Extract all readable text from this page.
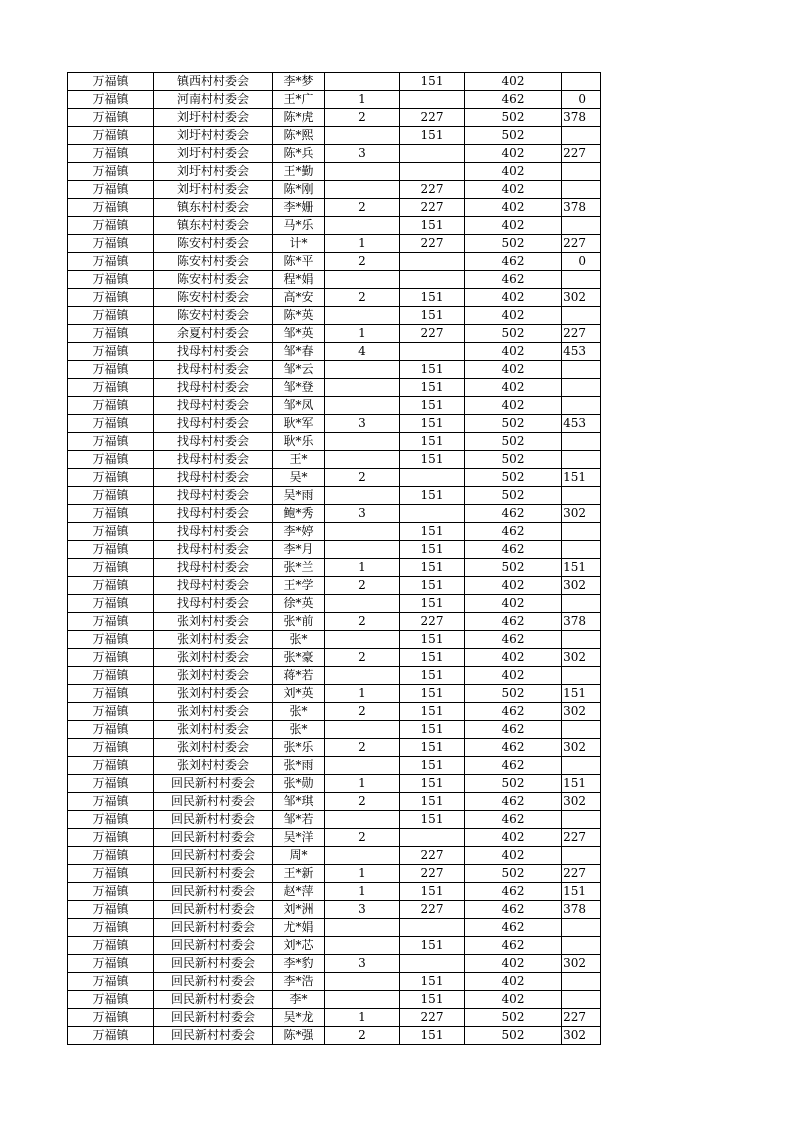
万福镇	镇西村村委会	李*梦		151	402	
万福镇	河南村村委会	王*广	1		462	0
万福镇	刘圩村村委会	陈*虎	2	227	502	378
万福镇	刘圩村村委会	陈*熙		151	502	
万福镇	刘圩村村委会	陈*兵	3		402	227
万福镇	刘圩村村委会	王*勤			402	
万福镇	刘圩村村委会	陈*刚		227	402	
万福镇	镇东村村委会	李*姗	2	227	402	378
万福镇	镇东村村委会	马*乐		151	402	
万福镇	陈安村村委会	计*	1	227	502	227
万福镇	陈安村村委会	陈*平	2		462	0
万福镇	陈安村村委会	程*娟			462	
万福镇	陈安村村委会	高*安	2	151	402	302
万福镇	陈安村村委会	陈*英		151	402	
万福镇	余夏村村委会	邹*英	1	227	502	227
万福镇	找母村村委会	邹*春	4		402	453
万福镇	找母村村委会	邹*云		151	402	
万福镇	找母村村委会	邹*登		151	402	
万福镇	找母村村委会	邹*凤		151	402	
万福镇	找母村村委会	耿*军	3	151	502	453
万福镇	找母村村委会	耿*乐		151	502	
万福镇	找母村村委会	王*		151	502	
万福镇	找母村村委会	吴*	2		502	151
万福镇	找母村村委会	吴*雨		151	502	
万福镇	找母村村委会	鲍*秀	3		462	302
万福镇	找母村村委会	李*婷		151	462	
万福镇	找母村村委会	李*月		151	462	
万福镇	找母村村委会	张*兰	1	151	502	151
万福镇	找母村村委会	王*学	2	151	402	302
万福镇	找母村村委会	徐*英		151	402	
万福镇	张刘村村委会	张*前	2	227	462	378
万福镇	张刘村村委会	张*		151	462	
万福镇	张刘村村委会	张*豪	2	151	402	302
万福镇	张刘村村委会	蒋*若		151	402	
万福镇	张刘村村委会	刘*英	1	151	502	151
万福镇	张刘村村委会	张*	2	151	462	302
万福镇	张刘村村委会	张*		151	462	
万福镇	张刘村村委会	张*乐	2	151	462	302
万福镇	张刘村村委会	张*雨		151	462	
万福镇	回民新村村委会	张*勋	1	151	502	151
万福镇	回民新村村委会	邹*琪	2	151	462	302
万福镇	回民新村村委会	邹*若		151	462	
万福镇	回民新村村委会	吴*洋	2		402	227
万福镇	回民新村村委会	周*		227	402	
万福镇	回民新村村委会	王*新	1	227	502	227
万福镇	回民新村村委会	赵*萍	1	151	462	151
万福镇	回民新村村委会	刘*洲	3	227	462	378
万福镇	回民新村村委会	尤*娟			462	
万福镇	回民新村村委会	刘*芯		151	462	
万福镇	回民新村村委会	李*豹	3		402	302
万福镇	回民新村村委会	李*浩		151	402	
万福镇	回民新村村委会	李*		151	402	
万福镇	回民新村村委会	吴*龙	1	227	502	227
万福镇	回民新村村委会	陈*强	2	151	502	302
